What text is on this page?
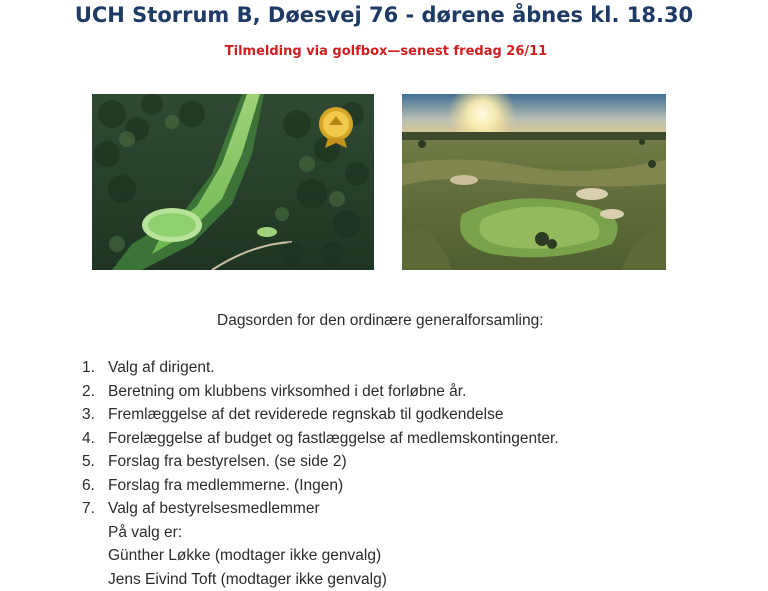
UCH Storrum B, Døesvej 76 - dørene åbnes kl. 18.30
Tilmelding via golfbox—senest fredag 26/11
Dagsorden for den ordinære generalforsamling:
1. Valg af dirigent.
2. Beretning om klubbens virksomhed i det forløbne år.
3. Fremlæggelse af det reviderede regnskab til godkendelse
4. Forelæggelse af budget og fastlæggelse af medlemskontingenter.
5. Forslag fra bestyrelsen. (se side 2)
6. Forslag fra medlemmerne. (Ingen)
7. Valg af bestyrelsesmedlemmer
På valg er:
Günther Løkke (modtager ikke genvalg)
Jens Eivind Toft (modtager ikke genvalg)
